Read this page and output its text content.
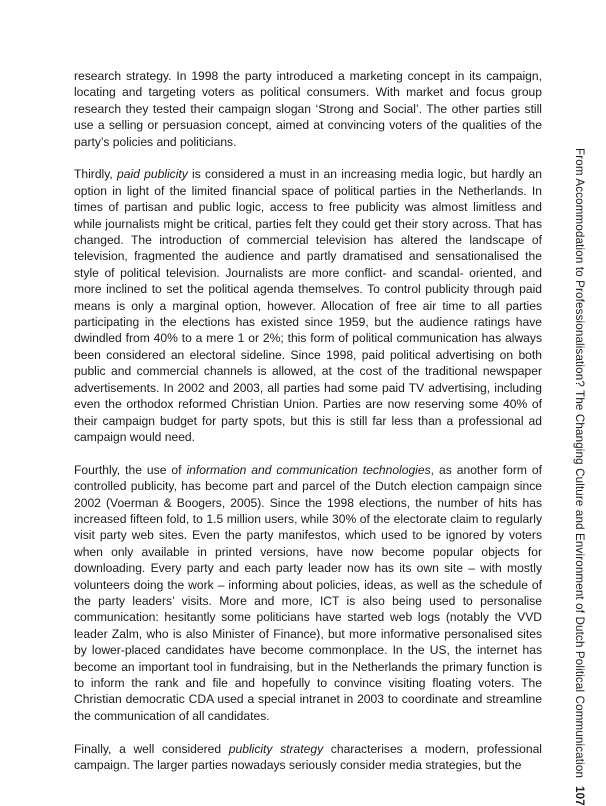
research strategy. In 1998 the party introduced a marketing concept in its campaign, locating and targeting voters as political consumers. With market and focus group research they tested their campaign slogan ‘Strong and Social’. The other parties still use a selling or persuasion concept, aimed at convincing voters of the qualities of the party’s policies and politicians.

Thirdly, paid publicity is considered a must in an increasing media logic, but hardly an option in light of the limited financial space of political parties in the Netherlands. In times of partisan and public logic, access to free publicity was almost limitless and while journalists might be critical, parties felt they could get their story across. That has changed. The introduction of commercial television has altered the landscape of television, fragmented the audience and partly dramatised and sensationalised the style of political television. Journalists are more conflict- and scandal- oriented, and more inclined to set the political agenda themselves. To control publicity through paid means is only a marginal option, however. Allocation of free air time to all parties participating in the elections has existed since 1959, but the audience ratings have dwindled from 40% to a mere 1 or 2%; this form of political communication has always been considered an electoral sideline. Since 1998, paid political advertising on both public and commercial channels is allowed, at the cost of the traditional newspaper advertisements. In 2002 and 2003, all parties had some paid TV advertising, including even the orthodox reformed Christian Union. Parties are now reserving some 40% of their campaign budget for party spots, but this is still far less than a professional ad campaign would need.

Fourthly, the use of information and communication technologies, as another form of controlled publicity, has become part and parcel of the Dutch election campaign since 2002 (Voerman & Boogers, 2005). Since the 1998 elections, the number of hits has increased fifteen fold, to 1.5 million users, while 30% of the electorate claim to regularly visit party web sites. Even the party manifestos, which used to be ignored by voters when only available in printed versions, have now become popular objects for downloading. Every party and each party leader now has its own site – with mostly volunteers doing the work – informing about policies, ideas, as well as the schedule of the party leaders’ visits. More and more, ICT is also being used to personalise communication: hesitantly some politicians have started web logs (notably the VVD leader Zalm, who is also Minister of Finance), but more informative personalised sites by lower-placed candidates have become commonplace. In the US, the internet has become an important tool in fundraising, but in the Netherlands the primary function is to inform the rank and file and hopefully to convince visiting floating voters. The Christian democratic CDA used a special intranet in 2003 to coordinate and streamline the communication of all candidates.

Finally, a well considered publicity strategy characterises a modern, professional campaign. The larger parties nowadays seriously consider media strategies, but the	From Accommodation to Professionalisation? The Changing Culture and Environment of Dutch Political Communication107
